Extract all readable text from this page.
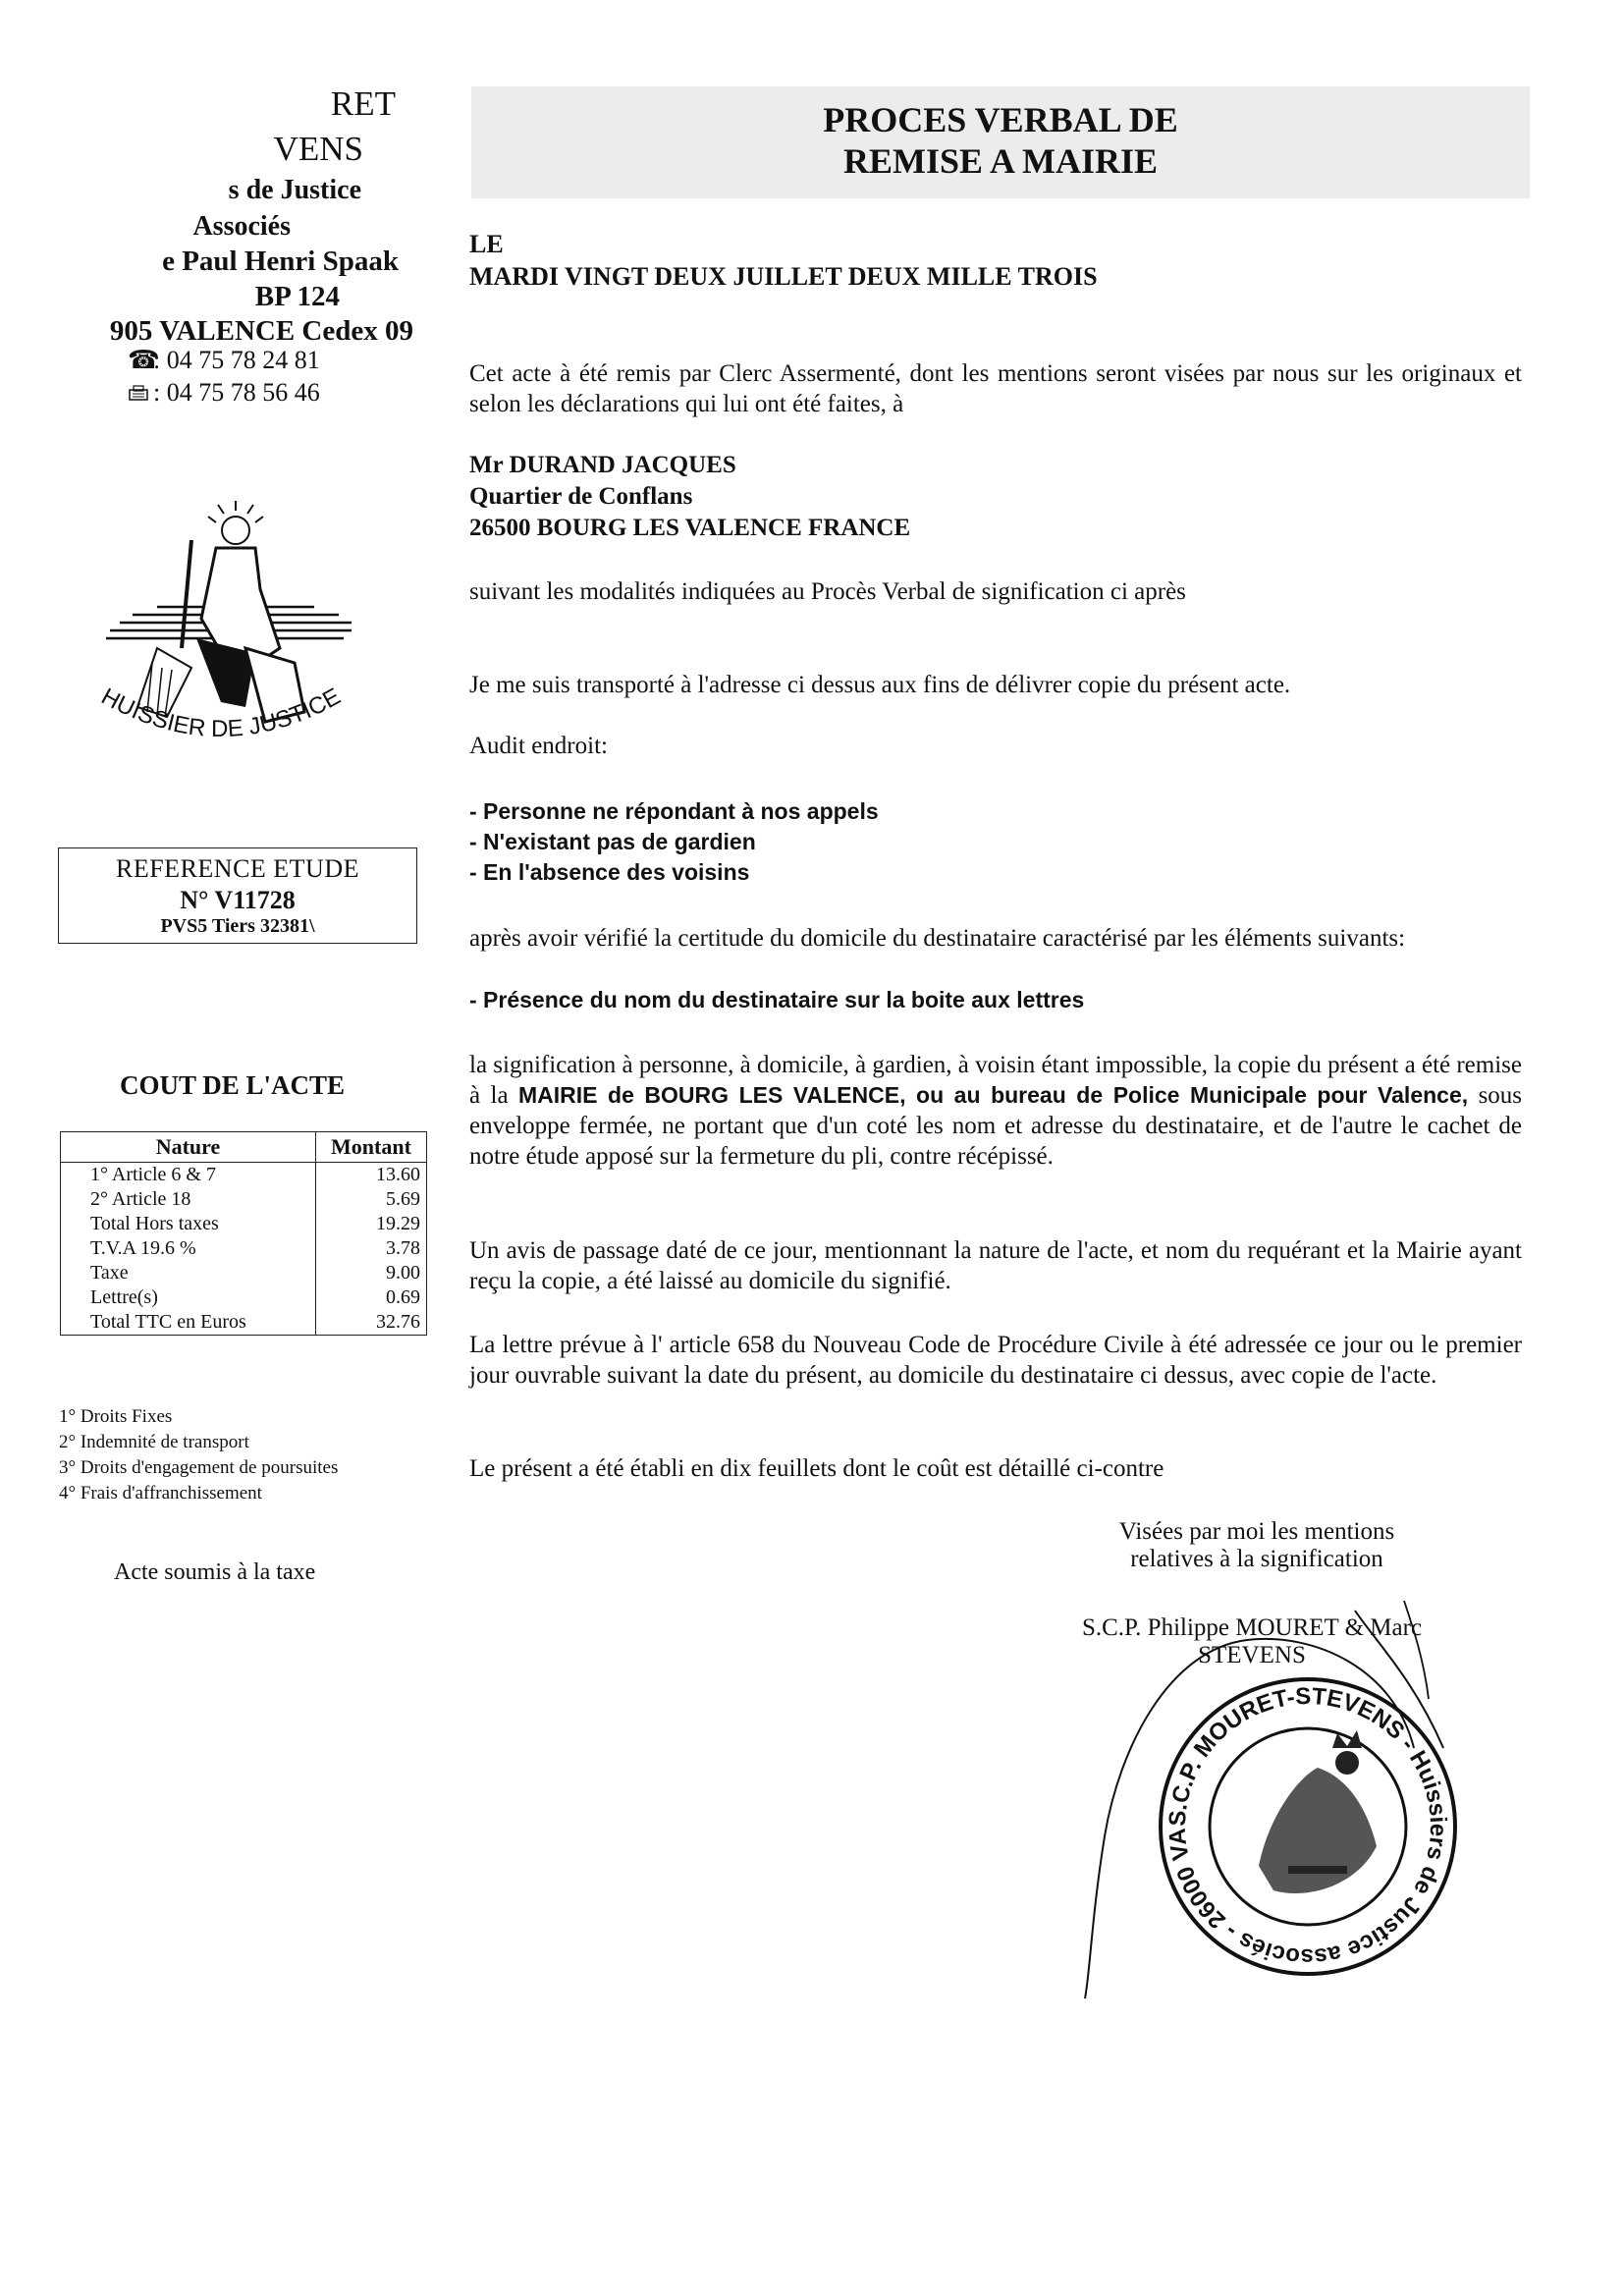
RET
VENS
s de Justice
Associés
e Paul Henri Spaak
BP 124
905 VALENCE Cedex 09
☎: 04 75 78 24 81
: 04 75 78 56 46
HUISSIER DE JUSTICE
REFERENCE ETUDE
N° V11728
PVS5 Tiers 32381\
COUT DE L'ACTE
Nature	Montant
1° Article 6 & 7	13.60
2° Article 18	5.69
Total Hors taxes	19.29
T.V.A 19.6 %	3.78
Taxe	9.00
Lettre(s)	0.69
Total TTC en Euros	32.76
1° Droits Fixes
2° Indemnité de transport
3° Droits d'engagement de poursuites
4° Frais d'affranchissement
Acte soumis à la taxe
PROCES VERBAL DE
REMISE A MAIRIE
LE
MARDI VINGT DEUX JUILLET DEUX MILLE TROIS
Cet acte à été remis par Clerc Assermenté, dont les mentions seront visées par nous sur les originaux et selon les déclarations qui lui ont été faites, à
Mr DURAND JACQUES
Quartier de Conflans
26500 BOURG LES VALENCE FRANCE
suivant les modalités indiquées au Procès Verbal de signification ci après
Je me suis transporté à l'adresse ci dessus aux fins de délivrer copie du présent acte.
Audit endroit:
- Personne ne répondant à nos appels
- N'existant pas de gardien
- En l'absence des voisins
après avoir vérifié la certitude du domicile du destinataire caractérisé par les éléments suivants:
- Présence du nom du destinataire sur la boite aux lettres
la signification à personne, à domicile, à gardien, à voisin étant impossible, la copie du présent a été remise à la MAIRIE de BOURG LES VALENCE, ou au bureau de Police Municipale pour Valence, sous enveloppe fermée, ne portant que d'un coté les nom et adresse du destinataire, et de l'autre le cachet de notre étude apposé sur la fermeture du pli, contre récépissé.
Un avis de passage daté de ce jour, mentionnant la nature de l'acte, et nom du requérant et la Mairie ayant reçu la copie, a été laissé au domicile du signifié.
La lettre prévue à l' article 658 du Nouveau Code de Procédure Civile à été adressée ce jour ou le premier jour ouvrable suivant la date du présent, au domicile du destinataire ci dessus, avec copie de l'acte.
Le présent a été établi en dix feuillets dont le coût est détaillé ci-contre
Visées par moi les mentions
relatives à la signification
S.C.P. Philippe MOURET & Marc
STEVENS
S.C.P. MOURET-STEVENS - Huissiers de Justice associés - 26000 VA
